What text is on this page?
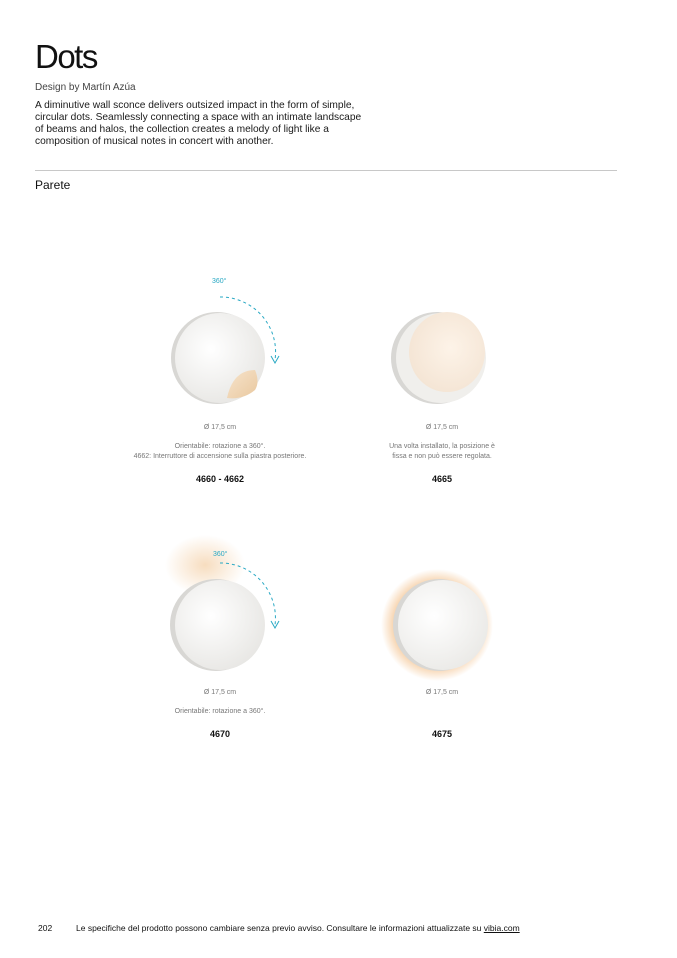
Dots
Design by Martín Azúa
A diminutive wall sconce delivers outsized impact in the form of simple, circular dots. Seamlessly connecting a space with an intimate landscape of beams and halos, the collection creates a melody of light like a composition of musical notes in concert with another.
Parete
360°
Ø 17,5 cm
Orientabile: rotazione a 360°.
4662: Interruttore di accensione sulla piastra posteriore.
4660 - 4662
Ø 17,5 cm
Una volta installato, la posizione è
fissa e non può essere regolata.
4665
360°
Ø 17,5 cm
Orientabile: rotazione a 360°.
4670
Ø 17,5 cm
4675
202	Le specifiche del prodotto possono cambiare senza previo avviso. Consultare le informazioni attualizzate su vibia.com
